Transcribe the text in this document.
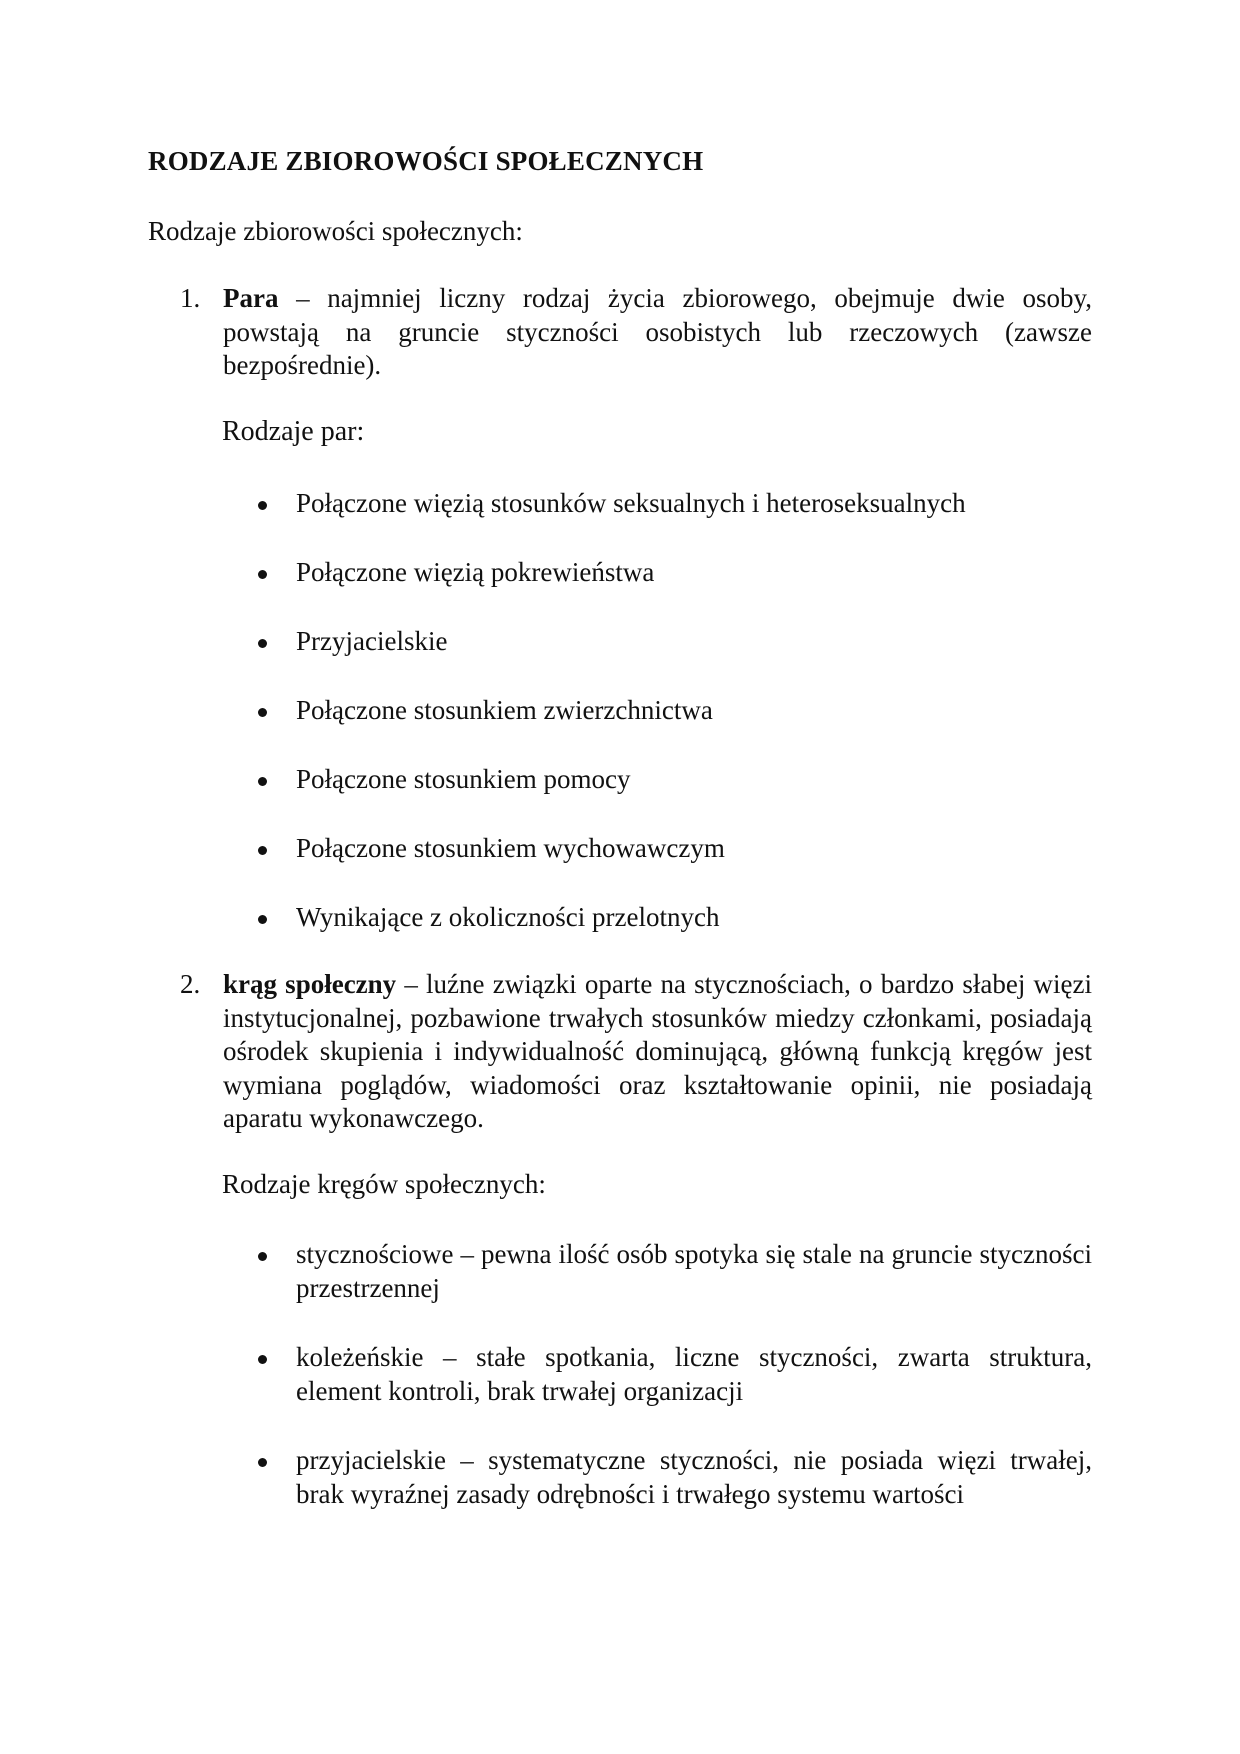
RODZAJE ZBIOROWOŚCI SPOŁECZNYCH

Rodzaje zbiorowości społecznych:

1. Para – najmniej liczny rodzaj życia zbiorowego, obejmuje dwie osoby, powstają na gruncie styczności osobistych lub rzeczowych (zawsze bezpośrednie).

Rodzaje par:

Połączone więzią stosunków seksualnych i heteroseksualnych
Połączone więzią pokrewieństwa
Przyjacielskie
Połączone stosunkiem zwierzchnictwa
Połączone stosunkiem pomocy
Połączone stosunkiem wychowawczym
Wynikające z okoliczności przelotnych
2. krąg społeczny – luźne związki oparte na stycznościach, o bardzo słabej więzi instytucjonalnej, pozbawione trwałych stosunków miedzy członkami, posiadają ośrodek skupienia i indywidualność dominującą, główną funkcją kręgów jest wymiana poglądów, wiadomości oraz kształtowanie opinii, nie posiadają aparatu wykonawczego.

Rodzaje kręgów społecznych:

stycznościowe – pewna ilość osób spotyka się stale na gruncie styczności przestrzennej
koleżeńskie – stałe spotkania, liczne styczności, zwarta struktura, element kontroli, brak trwałej organizacji
przyjacielskie – systematyczne styczności, nie posiada więzi trwałej, brak wyraźnej zasady odrębności i trwałego systemu wartości
